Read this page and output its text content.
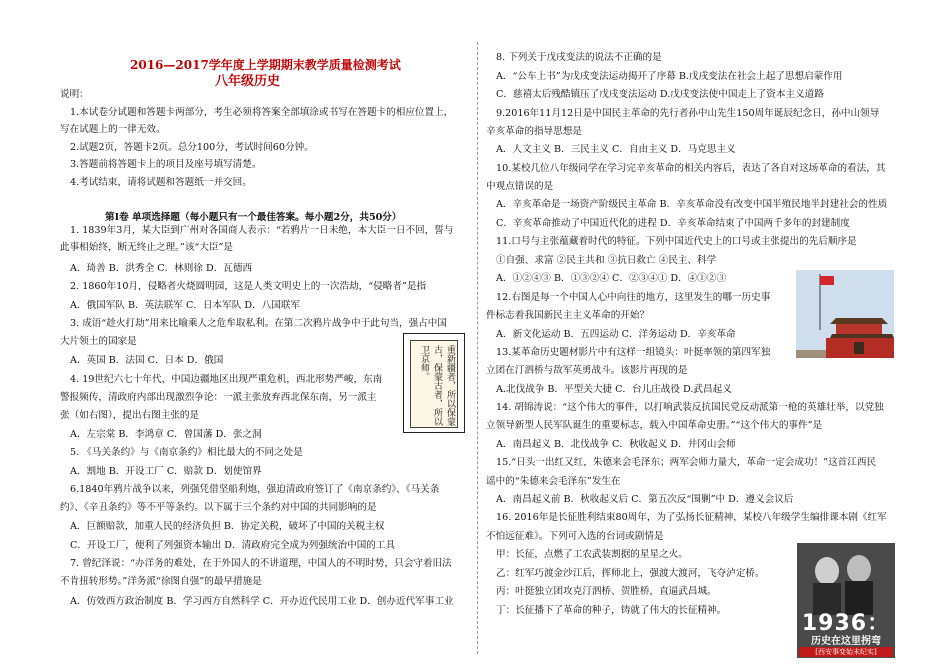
2016—2017学年度上学期期末教学质量检测考试
八年级历史
说明：
1.本试卷分试题和答题卡两部分，考生必须将答案全部填涂或书写在答题卡的相应位置上，
写在试题上的一律无效。
2.试题2页，答题卡2页。总分100分，考试时间60分钟。
3.答题前将答题卡上的项目及座号填写清楚。
4.考试结束，请将试题和答题纸一并交回。
第Ⅰ卷 单项选择题（每小题只有一个最佳答案。每小题2分，共50分）
1. 1839年3月，某大臣到广州对各国商人表示：“若鸦片一日未绝，本大臣一日不回，誓与
此事相始终，断无终止之理。”该“大臣”是
A．琦善 B．洪秀全 C．林则徐 D．瓦德西
2. 1860年10月，侵略者火烧圆明园，这是人类文明史上的一次浩劫，“侵略者”是指
A．俄国军队 B．英法联军 C．日本军队 D．八国联军
3. 成语“趁火打劫”用来比喻乘人之危牟取私利。在第二次鸦片战争中于此句当，强占中国
大片领土的国家是
A．英国 B．法国 C．日本 D．俄国
4. 19世纪六七十年代，中国边疆地区出现严重危机，西北形势严峻，东南
警报频传，清政府内部出现激烈争论：一派主张放弃西北保东南，另一派主
张（如右图），提出右图主张的是
A．左宗棠 B．李鸿章 C．曾国藩 D．张之洞
5. 《马关条约》与《南京条约》相比最大的不同之处是
A．割地 B．开设工厂 C．赔款 D．划使馆界
6.1840年鸦片战争以来，列强凭借坚船利炮，强迫清政府签订了《南京条约》、《马关条
约》、《辛丑条约》等不平等条约。以下属于三个条约对中国的共同影响的是
A．巨额赔款，加重人民的经济负担 B．协定关税，破坏了中国的关税主权
C．开设工厂，便利了列强资本输出 D．清政府完全成为列强统治中国的工具
7. 曾纪泽说：“办洋务的难处，在于外国人的不讲道理，中国人的不明时势，只会守着旧法
不肯扭转形势。”洋务派“徐图自强”的最早措施是
A．仿效西方政治制度 B．学习西方自然科学 C．开办近代民用工业 D．创办近代军事工业
重新疆者，所以保蒙
古，保蒙古者，所以
卫京师。
8. 下列关于戊戌变法的说法不正确的是
A．“公车上书”为戊戌变法运动揭开了序幕 B.戊戌变法在社会上起了思想启蒙作用
C．慈禧太后残酷镇压了戊戌变法运动 D.戊戌变法使中国走上了资本主义道路
9.2016年11月12日是中国民主革命的先行者孙中山先生150周年诞辰纪念日，孙中山领导
辛亥革命的指导思想是
A．人文主义 B．三民主义 C．自由主义 D．马克思主义
10.某校几位八年级同学在学习完辛亥革命的相关内容后，表达了各自对这场革命的看法，其
中观点错误的是
A．辛亥革命是一场资产阶级民主革命 B．辛亥革命没有改变中国半殖民地半封建社会的性质
C．辛亥革命推动了中国近代化的进程 D．辛亥革命结束了中国两千多年的封建制度
11.口号与主张蕴藏着时代的特征。下列中国近代史上的口号或主张提出的先后顺序是
①自强、求富 ②民主共和 ③抗日救亡 ④民主、科学
A．①②④③ B．①③②④ C．②③④① D．④①②③
12.右图是每一个中国人心中向往的地方，这里发生的哪一历史事
件标志着我国新民主主义革命的开始？
A．新文化运动 B．五四运动 C．洋务运动 D．辛亥革命
13.某革命历史题材影片中有这样一组镜头：叶挺率领的第四军独
立团在汀泗桥与敌军英勇战斗。该影片再现的是
A.北伐战争 B．平型关大捷 C．台儿庄战役 D.武昌起义
14. 胡锦涛说：“这个伟大的事件，以打响武装反抗国民党反动派第一枪的英雄壮举，以党独
立领导新型人民军队诞生的重要标志，载入中国革命史册。”“这个伟大的事件”是
A．南昌起义 B．北伐战争 C．秋收起义 D．井冈山会师
15.“日头一出红又红，朱德来会毛泽东；两军会师力量大，革命一定会成功！”这首江西民
谣中的“朱德来会毛泽东”发生在
A．南昌起义前 B．秋收起义后 C．第五次反“围剿”中 D．遵义会议后
16. 2016年是长征胜利结束80周年，为了弘扬长征精神，某校八年级学生编排课本剧《红军
不怕远征难》。下列可入选的台词或剧情是
甲：长征，点燃了工农武装割据的星星之火。
乙：红军巧渡金沙江后，挥师北上，强渡大渡河，飞夺泸定桥。
丙：叶挺独立团攻克汀泗桥、贺胜桥，直逼武昌城。
丁：长征播下了革命的种子，铸就了伟大的长征精神。
1936：
历史在这里拐弯
[西安事变始末纪实]
